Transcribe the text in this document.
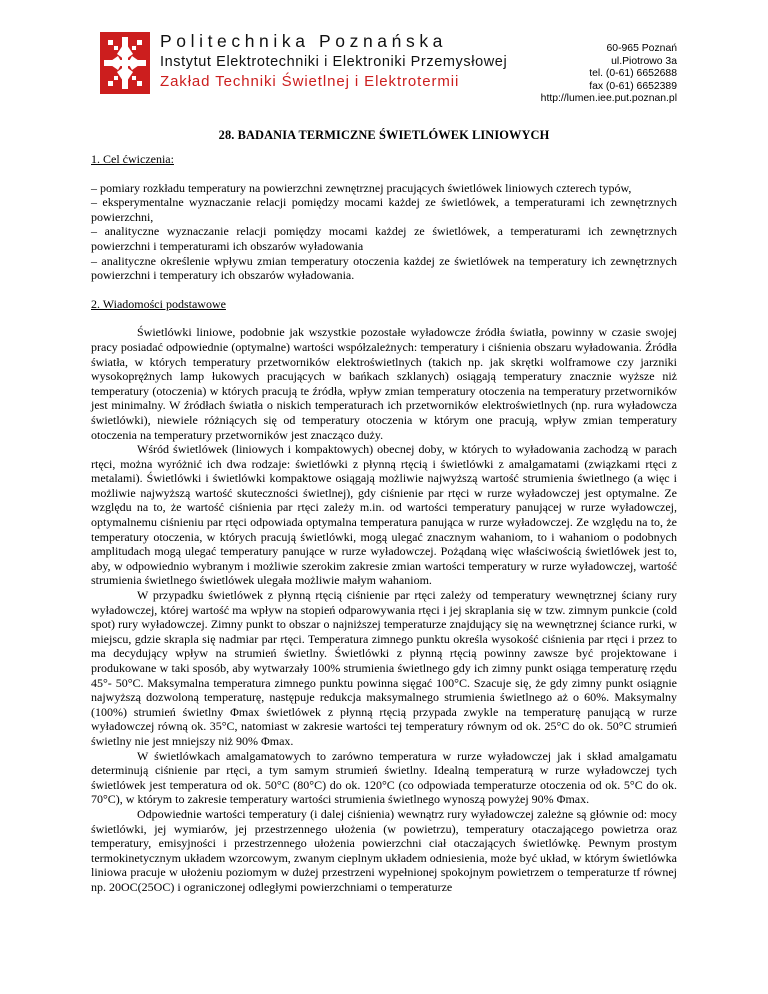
Politechnika Poznańska
Instytut Elektrotechniki i Elektroniki Przemysłowej
Zakład Techniki Świetlnej i Elektrotermii
60-965 Poznań
ul.Piotrowo 3a
tel. (0-61) 6652688
fax (0-61) 6652389
http://lumen.iee.put.poznan.pl
28. BADANIA TERMICZNE ŚWIETLÓWEK LINIOWYCH
1. Cel ćwiczenia:

– pomiary rozkładu temperatury na powierzchni zewnętrznej pracujących świetlówek liniowych czterech typów,

– eksperymentalne wyznaczanie relacji pomiędzy mocami każdej ze świetlówek, a temperaturami ich zewnętrznych powierzchni,

– analityczne wyznaczanie relacji pomiędzy mocami każdej ze świetlówek, a temperaturami ich zewnętrznych powierzchni i temperaturami ich obszarów wyładowania

– analityczne określenie wpływu zmian temperatury otoczenia każdej ze świetlówek na temperatury ich zewnętrznych powierzchni i temperatury ich obszarów wyładowania.

2. Wiadomości podstawowe

Świetlówki liniowe, podobnie jak wszystkie pozostałe wyładowcze źródła światła, powinny w czasie swojej pracy posiadać odpowiednie (optymalne) wartości współzależnych: temperatury i ciśnienia obszaru wyładowania. Źródła światła, w których temperatury przetworników elektroświetlnych (takich np. jak skrętki wolframowe czy jarzniki wysokoprężnych lamp łukowych pracujących w bańkach szklanych) osiągają temperatury znacznie wyższe niż temperatury (otoczenia) w których pracują te źródła, wpływ zmian temperatury otoczenia na temperatury przetworników jest minimalny. W źródłach światła o niskich temperaturach ich przetworników elektroświetlnych (np. rura wyładowcza świetlówki), niewiele różniących się od temperatury otoczenia w którym one pracują, wpływ zmian temperatury otoczenia na temperatury przetworników jest znacząco duży.

Wśród świetlówek (liniowych i kompaktowych) obecnej doby, w których to wyładowania zachodzą w parach rtęci, można wyróżnić ich dwa rodzaje: świetlówki z płynną rtęcią i świetlówki z amalgamatami (związkami rtęci z metalami). Świetlówki i świetlówki kompaktowe osiągają możliwie najwyższą wartość strumienia świetlnego (a więc i możliwie najwyższą wartość skuteczności świetlnej), gdy ciśnienie par rtęci w rurze wyładowczej jest optymalne. Ze względu na to, że wartość ciśnienia par rtęci zależy m.in. od wartości temperatury panującej w rurze wyładowczej, optymalnemu ciśnieniu par rtęci odpowiada optymalna temperatura panująca w rurze wyładowczej. Ze względu na to, że temperatury otoczenia, w których pracują świetlówki, mogą ulegać znacznym wahaniom, to i wahaniom o podobnych amplitudach mogą ulegać temperatury panujące w rurze wyładowczej. Pożądaną więc właściwością świetlówek jest to, aby, w odpowiednio wybranym i możliwie szerokim zakresie zmian wartości temperatury w rurze wyładowczej, wartość strumienia świetlnego świetlówek ulegała możliwie małym wahaniom.

W przypadku świetlówek z płynną rtęcią ciśnienie par rtęci zależy od temperatury wewnętrznej ściany rury wyładowczej, której wartość ma wpływ na stopień odparowywania rtęci i jej skraplania się w tzw. zimnym punkcie (cold spot) rury wyładowczej. Zimny punkt to obszar o najniższej temperaturze znajdujący się na wewnętrznej ściance rurki, w miejscu, gdzie skrapla się nadmiar par rtęci. Temperatura zimnego punktu określa wysokość ciśnienia par rtęci i przez to ma decydujący wpływ na strumień świetlny. Świetlówki z płynną rtęcią powinny zawsze być projektowane i produkowane w taki sposób, aby wytwarzały 100% strumienia świetlnego gdy ich zimny punkt osiąga temperaturę rzędu 45°- 50°C. Maksymalna temperatura zimnego punktu powinna sięgać 100°C. Szacuje się, że gdy zimny punkt osiągnie najwyższą dozwoloną temperaturę, następuje redukcja maksymalnego strumienia świetlnego aż o 60%. Maksymalny (100%) strumień świetlny Φmax świetlówek z płynną rtęcią przypada zwykle na temperaturę panującą w rurze wyładowczej równą ok. 35°C, natomiast w zakresie wartości tej temperatury równym od ok. 25°C do ok. 50°C strumień świetlny nie jest mniejszy niż 90% Φmax.

W świetlówkach amalgamatowych to zarówno temperatura w rurze wyładowczej jak i skład amalgamatu determinują ciśnienie par rtęci, a tym samym strumień świetlny. Idealną temperaturą w rurze wyładowczej tych świetlówek jest temperatura od ok. 50°C (80°C) do ok. 120°C (co odpowiada temperaturze otoczenia od ok. 5°C do ok. 70°C), w którym to zakresie temperatury wartości strumienia świetlnego wynoszą powyżej 90% Φmax.

Odpowiednie wartości temperatury (i dalej ciśnienia) wewnątrz rury wyładowczej zależne są głównie od: mocy świetlówki, jej wymiarów, jej przestrzennego ułożenia (w powietrzu), temperatury otaczającego powietrza oraz temperatury, emisyjności i przestrzennego ułożenia powierzchni ciał otaczających świetlówkę. Pewnym prostym termokinetycznym układem wzorcowym, zwanym cieplnym układem odniesienia, może być układ, w którym świetlówka liniowa pracuje w ułożeniu poziomym w dużej przestrzeni wypełnionej spokojnym powietrzem o temperaturze tf równej np. 20OC(25OC) i ograniczonej odległymi powierzchniami o temperaturze
